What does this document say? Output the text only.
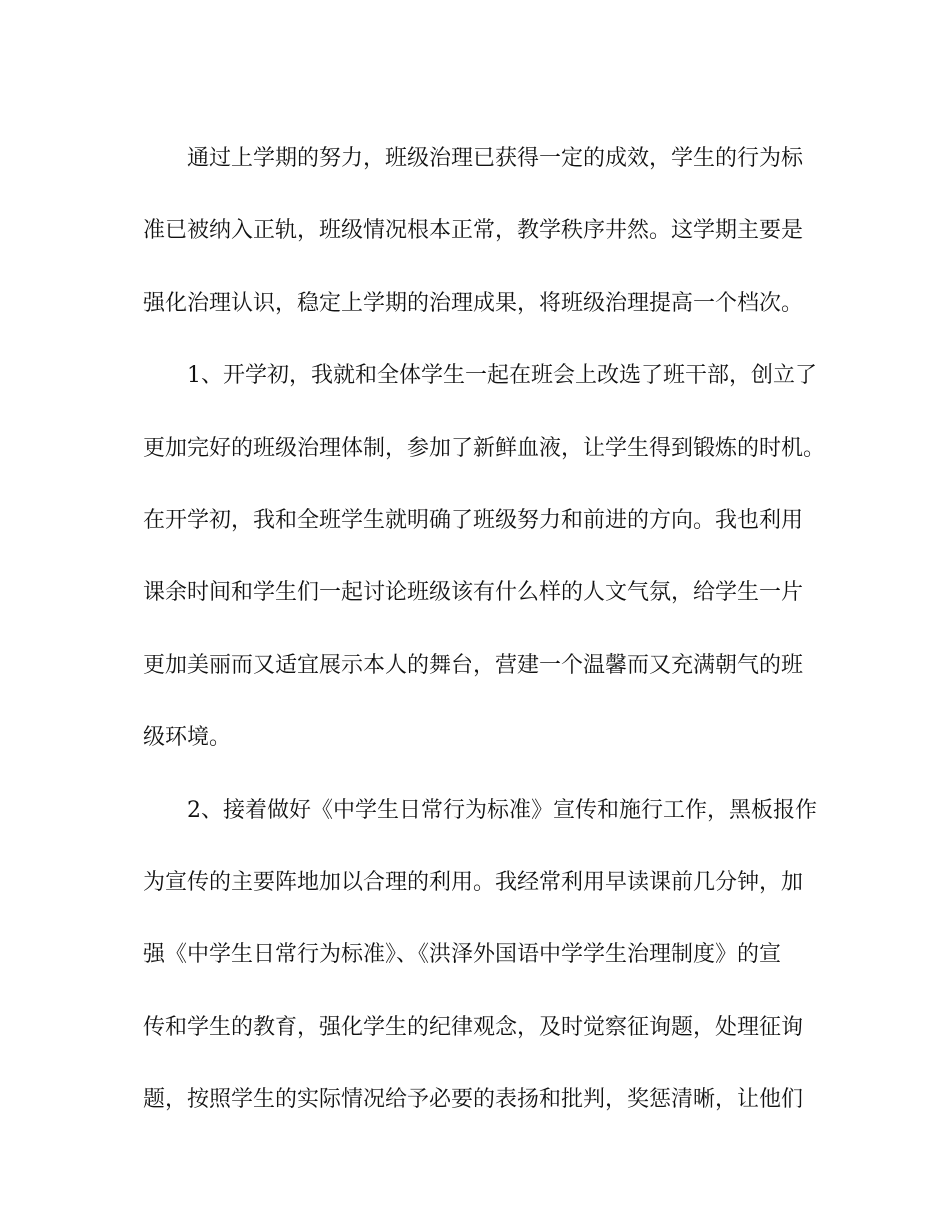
通过上学期的努力，班级治理已获得一定的成效，学生的行为标
准已被纳入正轨，班级情况根本正常，教学秩序井然。这学期主要是
强化治理认识，稳定上学期的治理成果，将班级治理提高一个档次。
1、开学初，我就和全体学生一起在班会上改选了班干部，创立了
更加完好的班级治理体制，参加了新鲜血液，让学生得到锻炼的时机。
在开学初，我和全班学生就明确了班级努力和前进的方向。我也利用
课余时间和学生们一起讨论班级该有什么样的人文气氛，给学生一片
更加美丽而又适宜展示本人的舞台，营建一个温馨而又充满朝气的班
级环境。
2、接着做好《中学生日常行为标准》宣传和施行工作，黑板报作
为宣传的主要阵地加以合理的利用。我经常利用早读课前几分钟，加
强《中学生日常行为标准》、《洪泽外国语中学学生治理制度》的宣
传和学生的教育，强化学生的纪律观念，及时觉察征询题，处理征询
题，按照学生的实际情况给予必要的表扬和批判，奖惩清晰，让他们
